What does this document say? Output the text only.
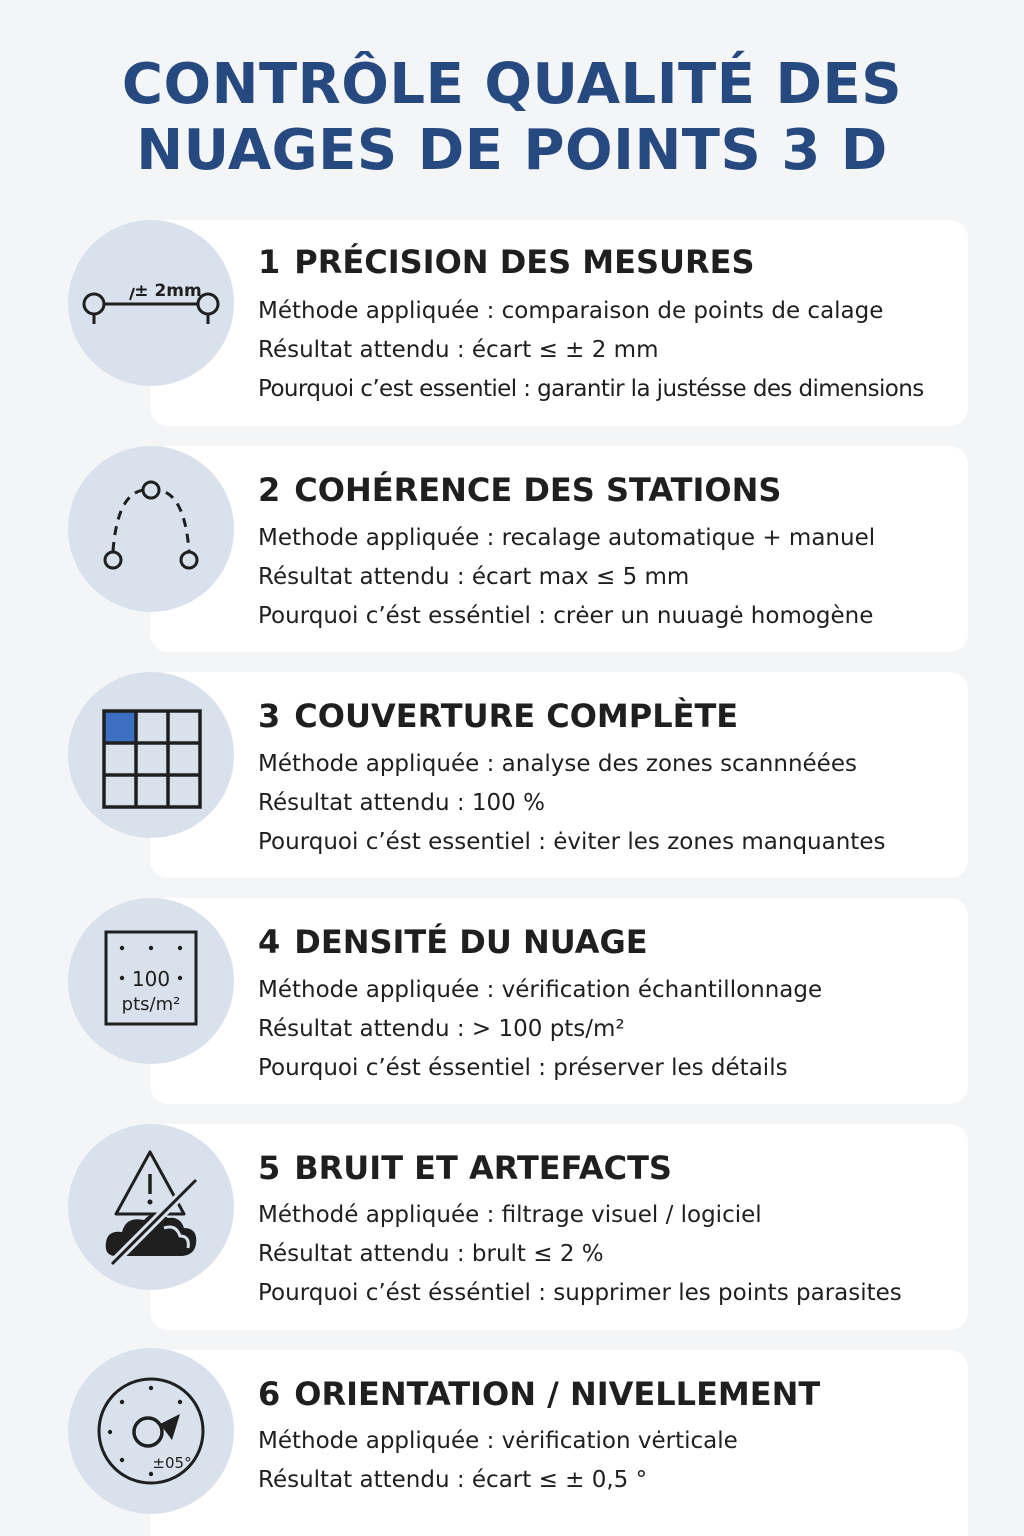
CONTRÔLE QUALITÉ DES
NUAGES DE POINTS 3 D
± 2mm
1 PRÉCISION DES MESURES
Méthode appliquée : comparaison de points de calage
Résultat attendu : écart ≤ ± 2 mm
Pourquoi c’est essentiel : garantir la justésse des dimensions
2 COHÉRENCE DES STATIONS
Methode appliquée : recalage automatique + manuel
Résultat attendu : écart max ≤ 5 mm
Pourquoi c’ést esséntiel : crėer un nuuagė homogène
3 COUVERTURE COMPLÈTE
Méthode appliquée : analyse des zones scannnéées
Résultat attendu : 100 %
Pourquoi c’ést essentiel : ėviter les zones manquantes
100
pts/m²
4 DENSITÉ DU NUAGE
Méthode appliquée : vérification échantillonnage
Résultat attendu : > 100 pts/m²
Pourquoi c’ést éssentiel : préserver les détails
5 BRUIT ET ARTEFACTS
Méthodé appliquée : filtrage visuel / logiciel
Résultat attendu : brult ≤ 2 %
Pourquoi c’ést ésséntiel : supprimer les points parasites
±05°
6 ORIENTATION / NIVELLEMENT
Méthode appliquée : vėrification vėrticale
Résultat attendu : écart ≤ ± 0,5 °
